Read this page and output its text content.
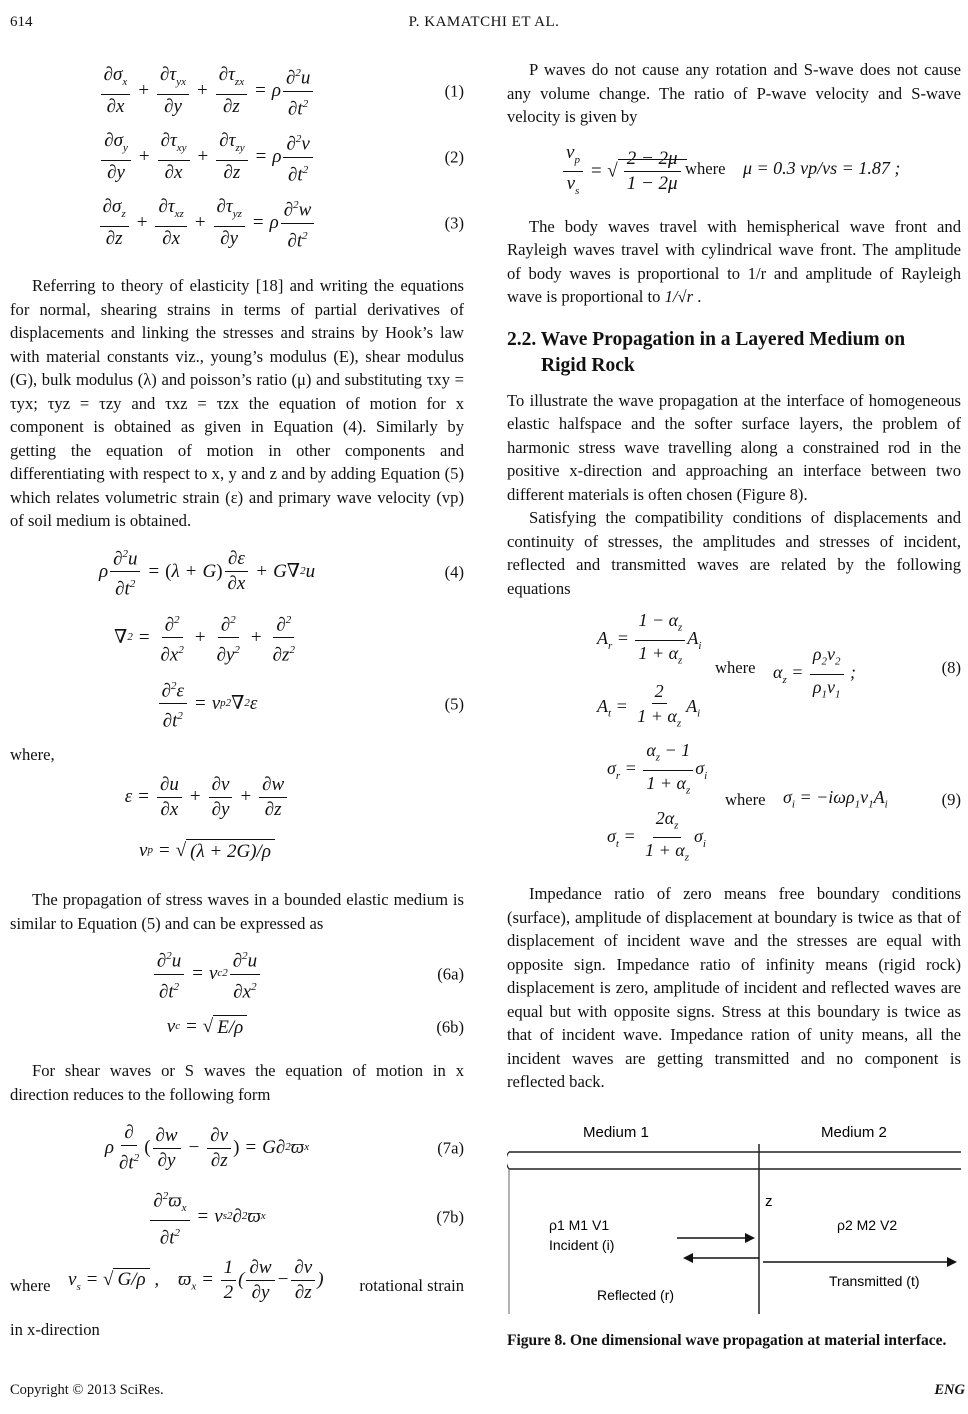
614	P. KAMATCHI ET AL.
$\partial\sigma_x$
∂x
+
$\partial\tau_{yx}$
∂y
+
$\partial\tau_{zx}$
∂z
= ρ $\frac{\partial^2u}{\partial t^2}$	(1)
$\partial\sigma_y$
∂y
+
$\partial\tau_{xy}$
∂x
+
$\partial\tau_{zy}$
∂z
= ρ $\frac{\partial^2v}{\partial t^2}$	(2)
$\partial\sigma_z$
∂z
+
$\partial\tau_{xz}$
∂x
+
$\partial\tau_{yz}$
∂y
= ρ $\frac{\partial^2w}{\partial t^2}$	(3)

Referring to theory of elasticity [18] and writing the equations for normal, shearing strains in terms of partial derivatives of displacements and linking the stresses and strains by Hook’s law with material constants viz., young’s modulus (E), shear modulus (G), bulk modulus (λ) and poisson’s ratio (μ) and substituting τxy = τyx; τyz = τzy and τxz = τzx the equation of motion for x component is obtained as given in Equation (4). Similarly by getting the equation of motion in other components and differentiating with respect to x, y and z and by adding Equation (5) which relates volumetric strain (ε) and primary wave velocity (vp) of soil medium is obtained.

ρ $\frac{\partial^2u}{\partial t^2}$ = ( λ + G )
∂ε
∂x
+ G∇ 2 u	(4)
∇ $2 = \frac{\partial^2}{\partial x^2} + \frac{\partial^2}{\partial y^2} + \frac{\partial^2}{\partial z^2}$
$\frac{\partial^2\varepsilon}{\partial t^2} = v$ p 2 ∇ 2 ε	(5)

where,

$\varepsilon = \frac{\partial u}{\partial x} + \frac{\partial v}{\partial y} + \frac{\partial w}{\partial z}$
v p = √ (λ + 2G)/ρ

The propagation of stress waves in a bounded elastic medium is similar to Equation (5) and can be expressed as

$\frac{\partial^2u}{\partial t^2} = v$ c 2
∂$^2$u
$\partial x^2$
(6a)
v c = √ E/ρ	(6b)

For shear waves or S waves the equation of motion in x direction reduces to the following form

ρ
∂
$\partial t^2$ (
∂w
∂y
− $\frac{\partial v}{\partial z}$ ) = G∂ 2 ϖ x	(7a)
$\frac{\partial^2ϖ_x}{\partial t^2} = v$ s 2 ∂ 2 ϖ x	(7b)
where $v_s$ = √ G/ρ , $ϖ_x = \frac{1}{2}$ ( $\frac{\partial w}{\partial y} - \frac{\partial v}{\partial z}$ ) rotational strain

in x-direction

P waves do not cause any rotation and S-wave does not cause any volume change. The ratio of P-wave velocity and S-wave velocity is given by

$\frac{v_p}{v_s}$ = √ $\frac{2 - 2\mu}{1 - 2\mu}$ where μ = 0.3 vp/vs = 1.87 ;

The body waves travel with hemispherical wave front and Rayleigh waves travel with cylindrical wave front. The amplitude of body waves is proportional to 1/r and amplitude of Rayleigh wave is proportional to 1/√r .

2.2. Wave Propagation in a Layered Medium on
Rigid Rock

To illustrate the wave propagation at the interface of homogeneous elastic halfspace and the softer surface layers, the problem of harmonic stress wave travelling along a constrained rod in the positive x-direction and approaching an interface between two different materials is often chosen (Figure 8).

Satisfying the compatibility conditions of displacements and continuity of stresses, the amplitudes and stresses of incident, reflected and transmitted waves are related by the following equations

$A_r = \frac{1 - \alpha_z}{1 + \alpha_z} A_i$
$A_t = \frac{2}{1 + \alpha_z} A_i$
where $\alpha_z = \frac{\rho_2v_2}{\rho_1v_1}$ ;	(8)
$\sigma_r = \frac{\alpha_z - 1}{1 + \alpha_z} \sigma_i$
$\sigma_t = \frac{2\alpha_z}{1 + \alpha_z} \sigma_i$
where $\sigma_i = -i\omega\rho_1v_1A_i$	(9)

Impedance ratio of zero means free boundary conditions (surface), amplitude of displacement at boundary is twice as that of displacement of incident wave and the stresses are equal with opposite sign. Impedance ratio of infinity means (rigid rock) displacement is zero, amplitude of incident and reflected waves are equal but with opposite signs. Stress at this boundary is twice as that of incident wave. Impedance ration of unity means, all the incident waves are getting transmitted and no component is reflected back.

Medium 1	Medium 2
z
ρ1 M1 V1	ρ2 M2 V2
Incident (i)
Transmitted (t)
Reflected (r)
Figure 8. One dimensional wave propagation at material interface.
Copyright © 2013 SciRes.	ENG
